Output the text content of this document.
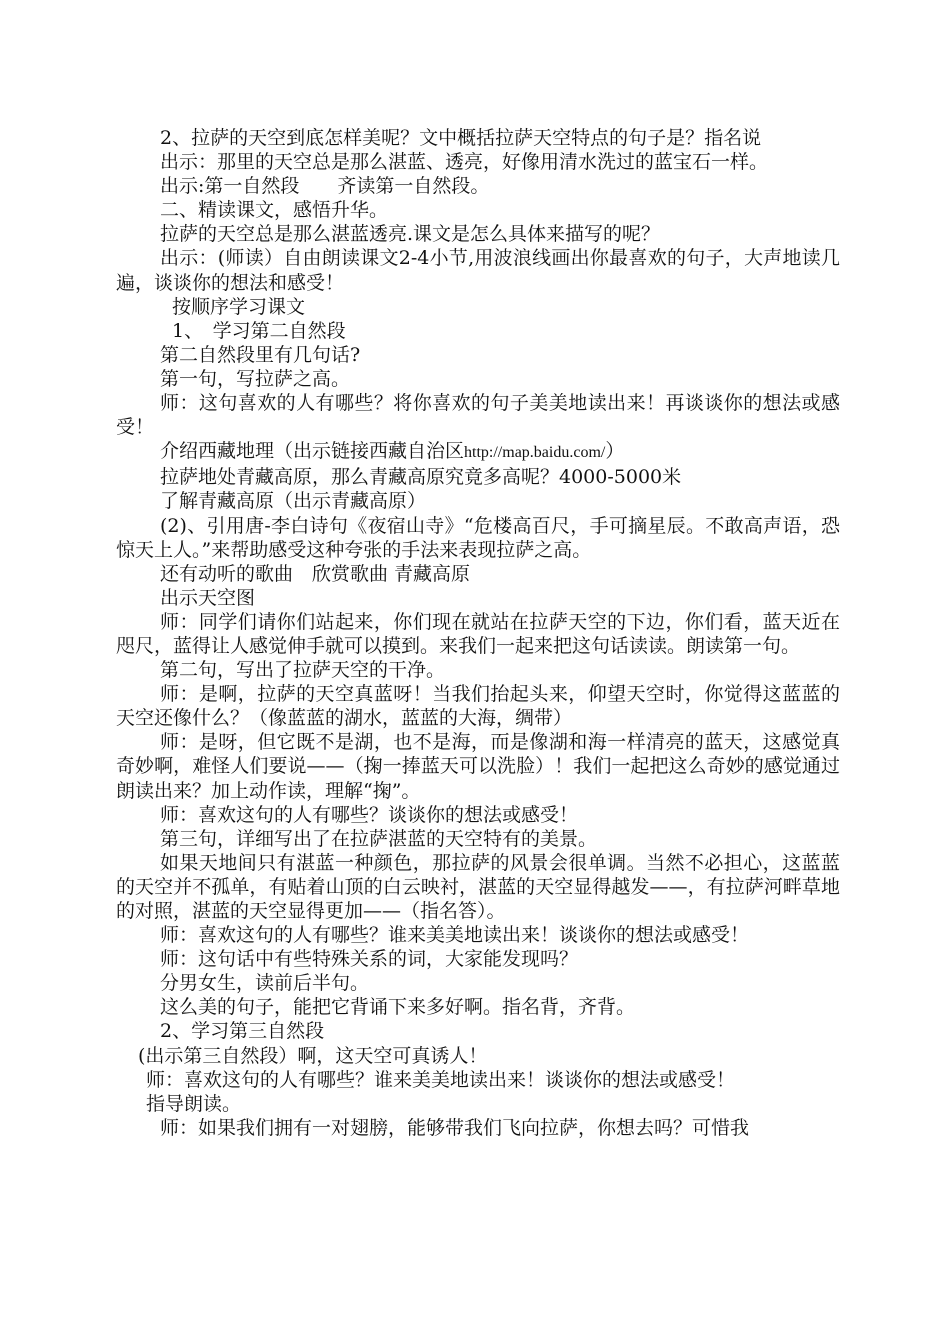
2、拉萨的天空到底怎样美呢？文中概括拉萨天空特点的句子是？指名说

出示：那里的天空总是那么湛蓝、透亮，好像用清水洗过的蓝宝石一样。

出示:第一自然段　　齐读第一自然段。

二、精读课文，感悟升华。

拉萨的天空总是那么湛蓝透亮.课文是怎么具体来描写的呢？

出示：(师读）自由朗读课文2-4小节,用波浪线画出你最喜欢的句子，大声地读几遍，谈谈你的想法和感受！

按顺序学习课文

1、　学习第二自然段

第二自然段里有几句话?

第一句，写拉萨之高。

师：这句喜欢的人有哪些？将你喜欢的句子美美地读出来！再谈谈你的想法或感受！

介绍西藏地理（出示链接西藏自治区http://map.baidu.com/）

拉萨地处青藏高原，那么青藏高原究竟多高呢？4000-5000米

了解青藏高原（出示青藏高原）

(2)、引用唐-李白诗句《夜宿山寺》“危楼高百尺，手可摘星辰。不敢高声语，恐惊天上人。”来帮助感受这种夸张的手法来表现拉萨之高。

还有动听的歌曲　欣赏歌曲 青藏高原

出示天空图

师：同学们请你们站起来，你们现在就站在拉萨天空的下边，你们看，蓝天近在咫尺，蓝得让人感觉伸手就可以摸到。来我们一起来把这句话读读。朗读第一句。

第二句，写出了拉萨天空的干净。

师：是啊，拉萨的天空真蓝呀！当我们抬起头来，仰望天空时，你觉得这蓝蓝的天空还像什么？（像蓝蓝的湖水，蓝蓝的大海，绸带）

师：是呀，但它既不是湖，也不是海，而是像湖和海一样清亮的蓝天，这感觉真奇妙啊，难怪人们要说——（掬一捧蓝天可以洗脸）！我们一起把这么奇妙的感觉通过朗读出来？加上动作读，理解“掬”。

师：喜欢这句的人有哪些？谈谈你的想法或感受！

第三句，详细写出了在拉萨湛蓝的天空特有的美景。

如果天地间只有湛蓝一种颜色，那拉萨的风景会很单调。当然不必担心，这蓝蓝的天空并不孤单，有贴着山顶的白云映衬，湛蓝的天空显得越发——，有拉萨河畔草地的对照，湛蓝的天空显得更加——（指名答）。

师：喜欢这句的人有哪些？谁来美美地读出来！谈谈你的想法或感受！

师：这句话中有些特殊关系的词，大家能发现吗？

分男女生，读前后半句。

这么美的句子，能把它背诵下来多好啊。指名背，齐背。

2、学习第三自然段

(出示第三自然段）啊，这天空可真诱人！

师：喜欢这句的人有哪些？谁来美美地读出来！谈谈你的想法或感受！

指导朗读。

师：如果我们拥有一对翅膀，能够带我们飞向拉萨，你想去吗？可惜我
